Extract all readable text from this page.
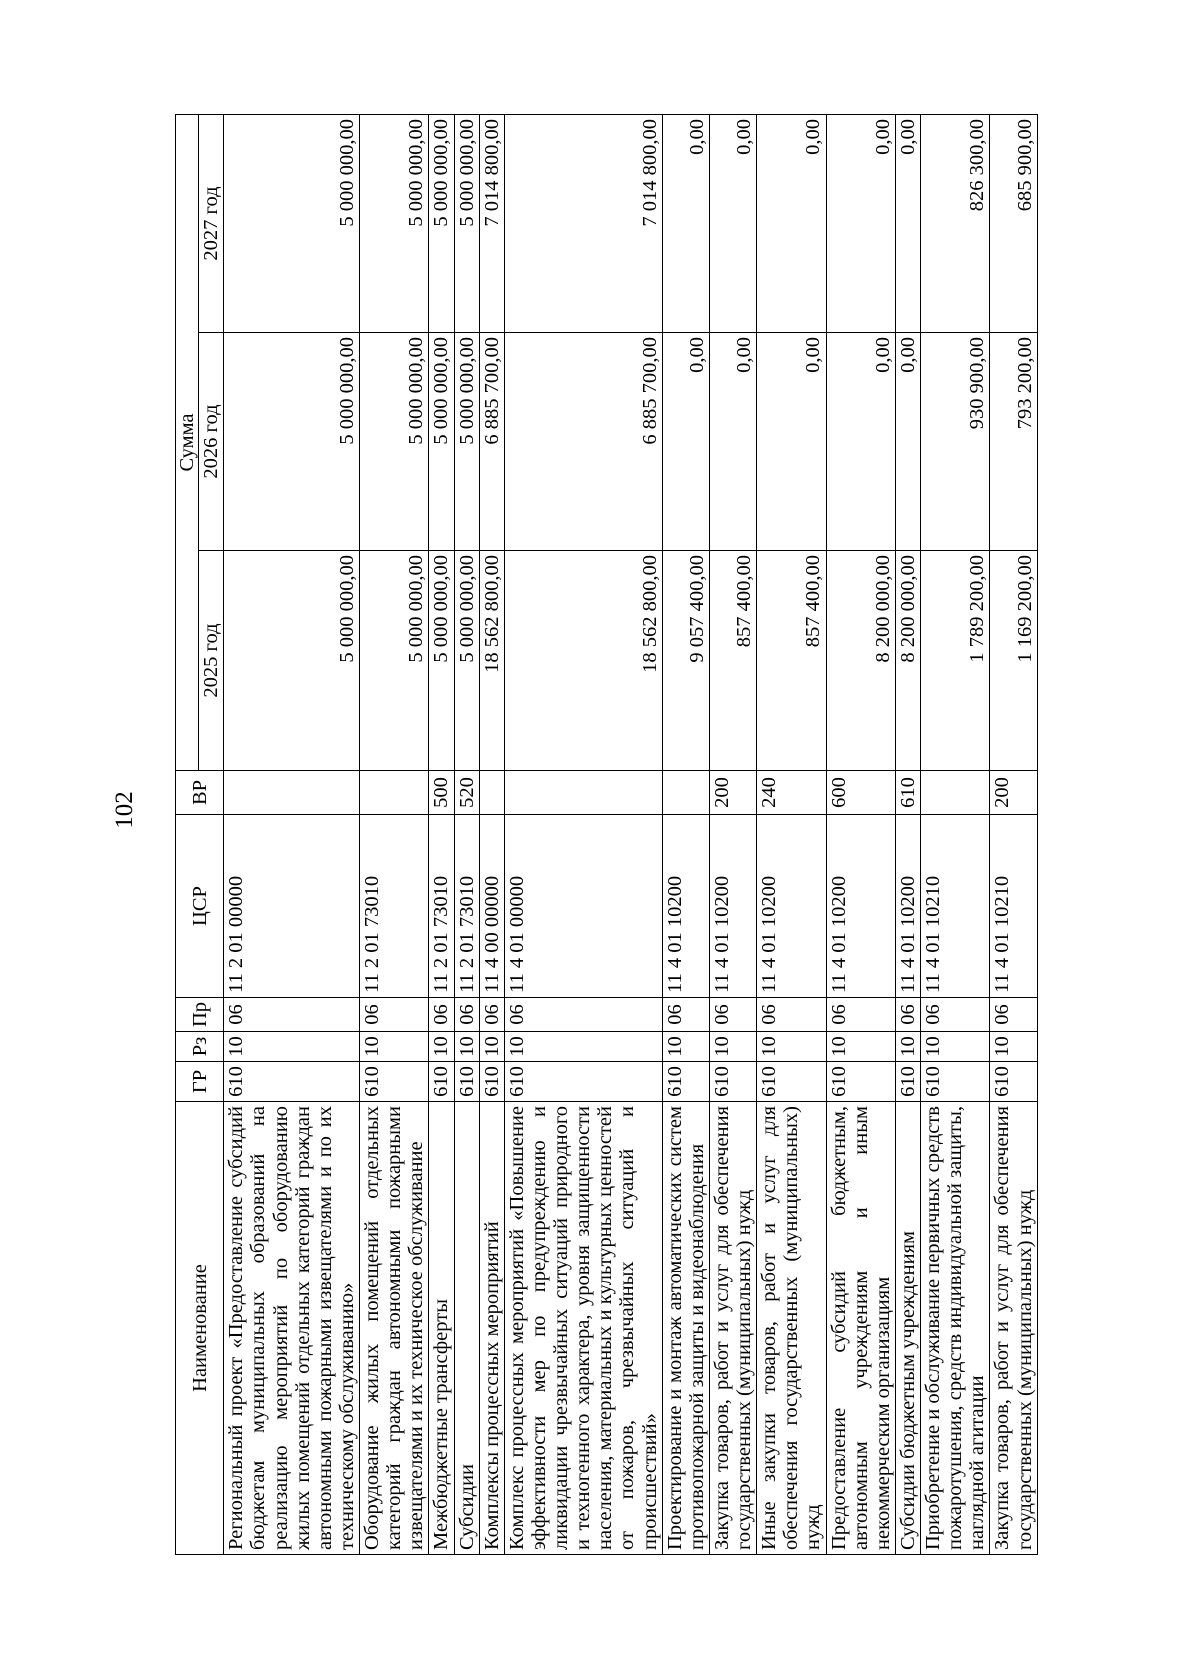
102
Наименование	ГР	Рз	Пр	ЦСР	ВР	Сумма		
						2025 год	2026 год	2027 год
Региональный проект «Предоставление субсидий бюджетам муниципальных образований на реализацию мероприятий по оборудованию жилых помещений отдельных категорий граждан автономными пожарными извещателями и по их техническому обслуживанию»	610	10	06	11 2 01 00000		5 000 000,00	5 000 000,00	5 000 000,00
Оборудование жилых помещений отдельных категорий граждан автономными пожарными извещателями и их техническое обслуживание	610	10	06	11 2 01 73010		5 000 000,00	5 000 000,00	5 000 000,00
Межбюджетные трансферты	610	10	06	11 2 01 73010	500	5 000 000,00	5 000 000,00	5 000 000,00
Субсидии	610	10	06	11 2 01 73010	520	5 000 000,00	5 000 000,00	5 000 000,00
Комплексы процессных мероприятий	610	10	06	11 4 00 00000		18 562 800,00	6 885 700,00	7 014 800,00
Комплекс процессных мероприятий «Повышение эффективности мер по предупреждению и ликвидации чрезвычайных ситуаций природного и техногенного характера, уровня защищенности населения, материальных и культурных ценностей от пожаров, чрезвычайных ситуаций и происшествий»	610	10	06	11 4 01 00000		18 562 800,00	6 885 700,00	7 014 800,00
Проектирование и монтаж автоматических систем противопожарной защиты и видеонаблюдения	610	10	06	11 4 01 10200		9 057 400,00	0,00	0,00
Закупка товаров, работ и услуг для обеспечения государственных (муниципальных) нужд	610	10	06	11 4 01 10200	200	857 400,00	0,00	0,00
Иные закупки товаров, работ и услуг для обеспечения государственных (муниципальных) нужд	610	10	06	11 4 01 10200	240	857 400,00	0,00	0,00
Предоставление субсидий бюджетным, автономным учреждениям и иным некоммерческим организациям	610	10	06	11 4 01 10200	600	8 200 000,00	0,00	0,00
Субсидии бюджетным учреждениям	610	10	06	11 4 01 10200	610	8 200 000,00	0,00	0,00
Приобретение и обслуживание первичных средств пожаротушения, средств индивидуальной защиты, наглядной агитации	610	10	06	11 4 01 10210		1 789 200,00	930 900,00	826 300,00
Закупка товаров, работ и услуг для обеспечения государственных (муниципальных) нужд	610	10	06	11 4 01 10210	200	1 169 200,00	793 200,00	685 900,00
